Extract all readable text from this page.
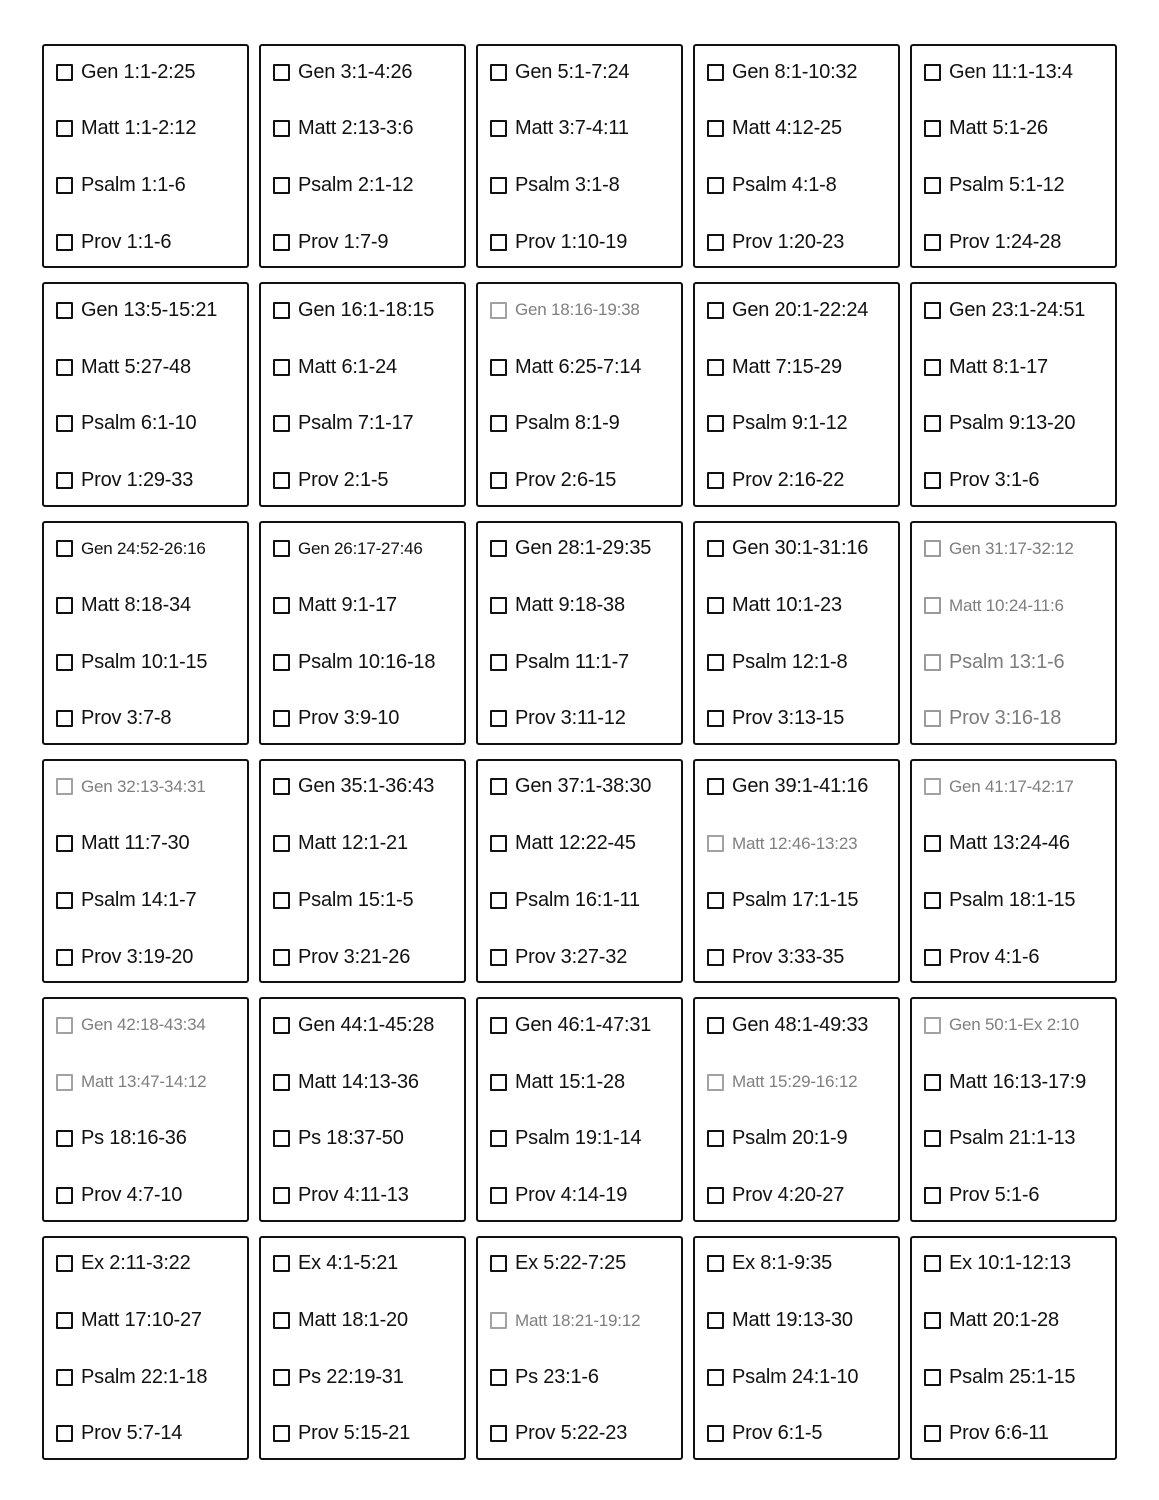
Gen 1:1-2:25
Matt 1:1-2:12
Psalm 1:1-6
Prov 1:1-6
Gen 3:1-4:26
Matt 2:13-3:6
Psalm 2:1-12
Prov 1:7-9
Gen 5:1-7:24
Matt 3:7-4:11
Psalm 3:1-8
Prov 1:10-19
Gen 8:1-10:32
Matt 4:12-25
Psalm 4:1-8
Prov 1:20-23
Gen 11:1-13:4
Matt 5:1-26
Psalm 5:1-12
Prov 1:24-28
Gen 13:5-15:21
Matt 5:27-48
Psalm 6:1-10
Prov 1:29-33
Gen 16:1-18:15
Matt 6:1-24
Psalm 7:1-17
Prov 2:1-5
Gen 18:16-19:38
Matt 6:25-7:14
Psalm 8:1-9
Prov 2:6-15
Gen 20:1-22:24
Matt 7:15-29
Psalm 9:1-12
Prov 2:16-22
Gen 23:1-24:51
Matt 8:1-17
Psalm 9:13-20
Prov 3:1-6
Gen 24:52-26:16
Matt 8:18-34
Psalm 10:1-15
Prov 3:7-8
Gen 26:17-27:46
Matt 9:1-17
Psalm 10:16-18
Prov 3:9-10
Gen 28:1-29:35
Matt 9:18-38
Psalm 11:1-7
Prov 3:11-12
Gen 30:1-31:16
Matt 10:1-23
Psalm 12:1-8
Prov 3:13-15
Gen 31:17-32:12
Matt 10:24-11:6
Psalm 13:1-6
Prov 3:16-18
Gen 32:13-34:31
Matt 11:7-30
Psalm 14:1-7
Prov 3:19-20
Gen 35:1-36:43
Matt 12:1-21
Psalm 15:1-5
Prov 3:21-26
Gen 37:1-38:30
Matt 12:22-45
Psalm 16:1-11
Prov 3:27-32
Gen 39:1-41:16
Matt 12:46-13:23
Psalm 17:1-15
Prov 3:33-35
Gen 41:17-42:17
Matt 13:24-46
Psalm 18:1-15
Prov 4:1-6
Gen 42:18-43:34
Matt 13:47-14:12
Ps 18:16-36
Prov 4:7-10
Gen 44:1-45:28
Matt 14:13-36
Ps 18:37-50
Prov 4:11-13
Gen 46:1-47:31
Matt 15:1-28
Psalm 19:1-14
Prov 4:14-19
Gen 48:1-49:33
Matt 15:29-16:12
Psalm 20:1-9
Prov 4:20-27
Gen 50:1-Ex 2:10
Matt 16:13-17:9
Psalm 21:1-13
Prov 5:1-6
Ex 2:11-3:22
Matt 17:10-27
Psalm 22:1-18
Prov 5:7-14
Ex 4:1-5:21
Matt 18:1-20
Ps 22:19-31
Prov 5:15-21
Ex 5:22-7:25
Matt 18:21-19:12
Ps 23:1-6
Prov 5:22-23
Ex 8:1-9:35
Matt 19:13-30
Psalm 24:1-10
Prov 6:1-5
Ex 10:1-12:13
Matt 20:1-28
Psalm 25:1-15
Prov 6:6-11
